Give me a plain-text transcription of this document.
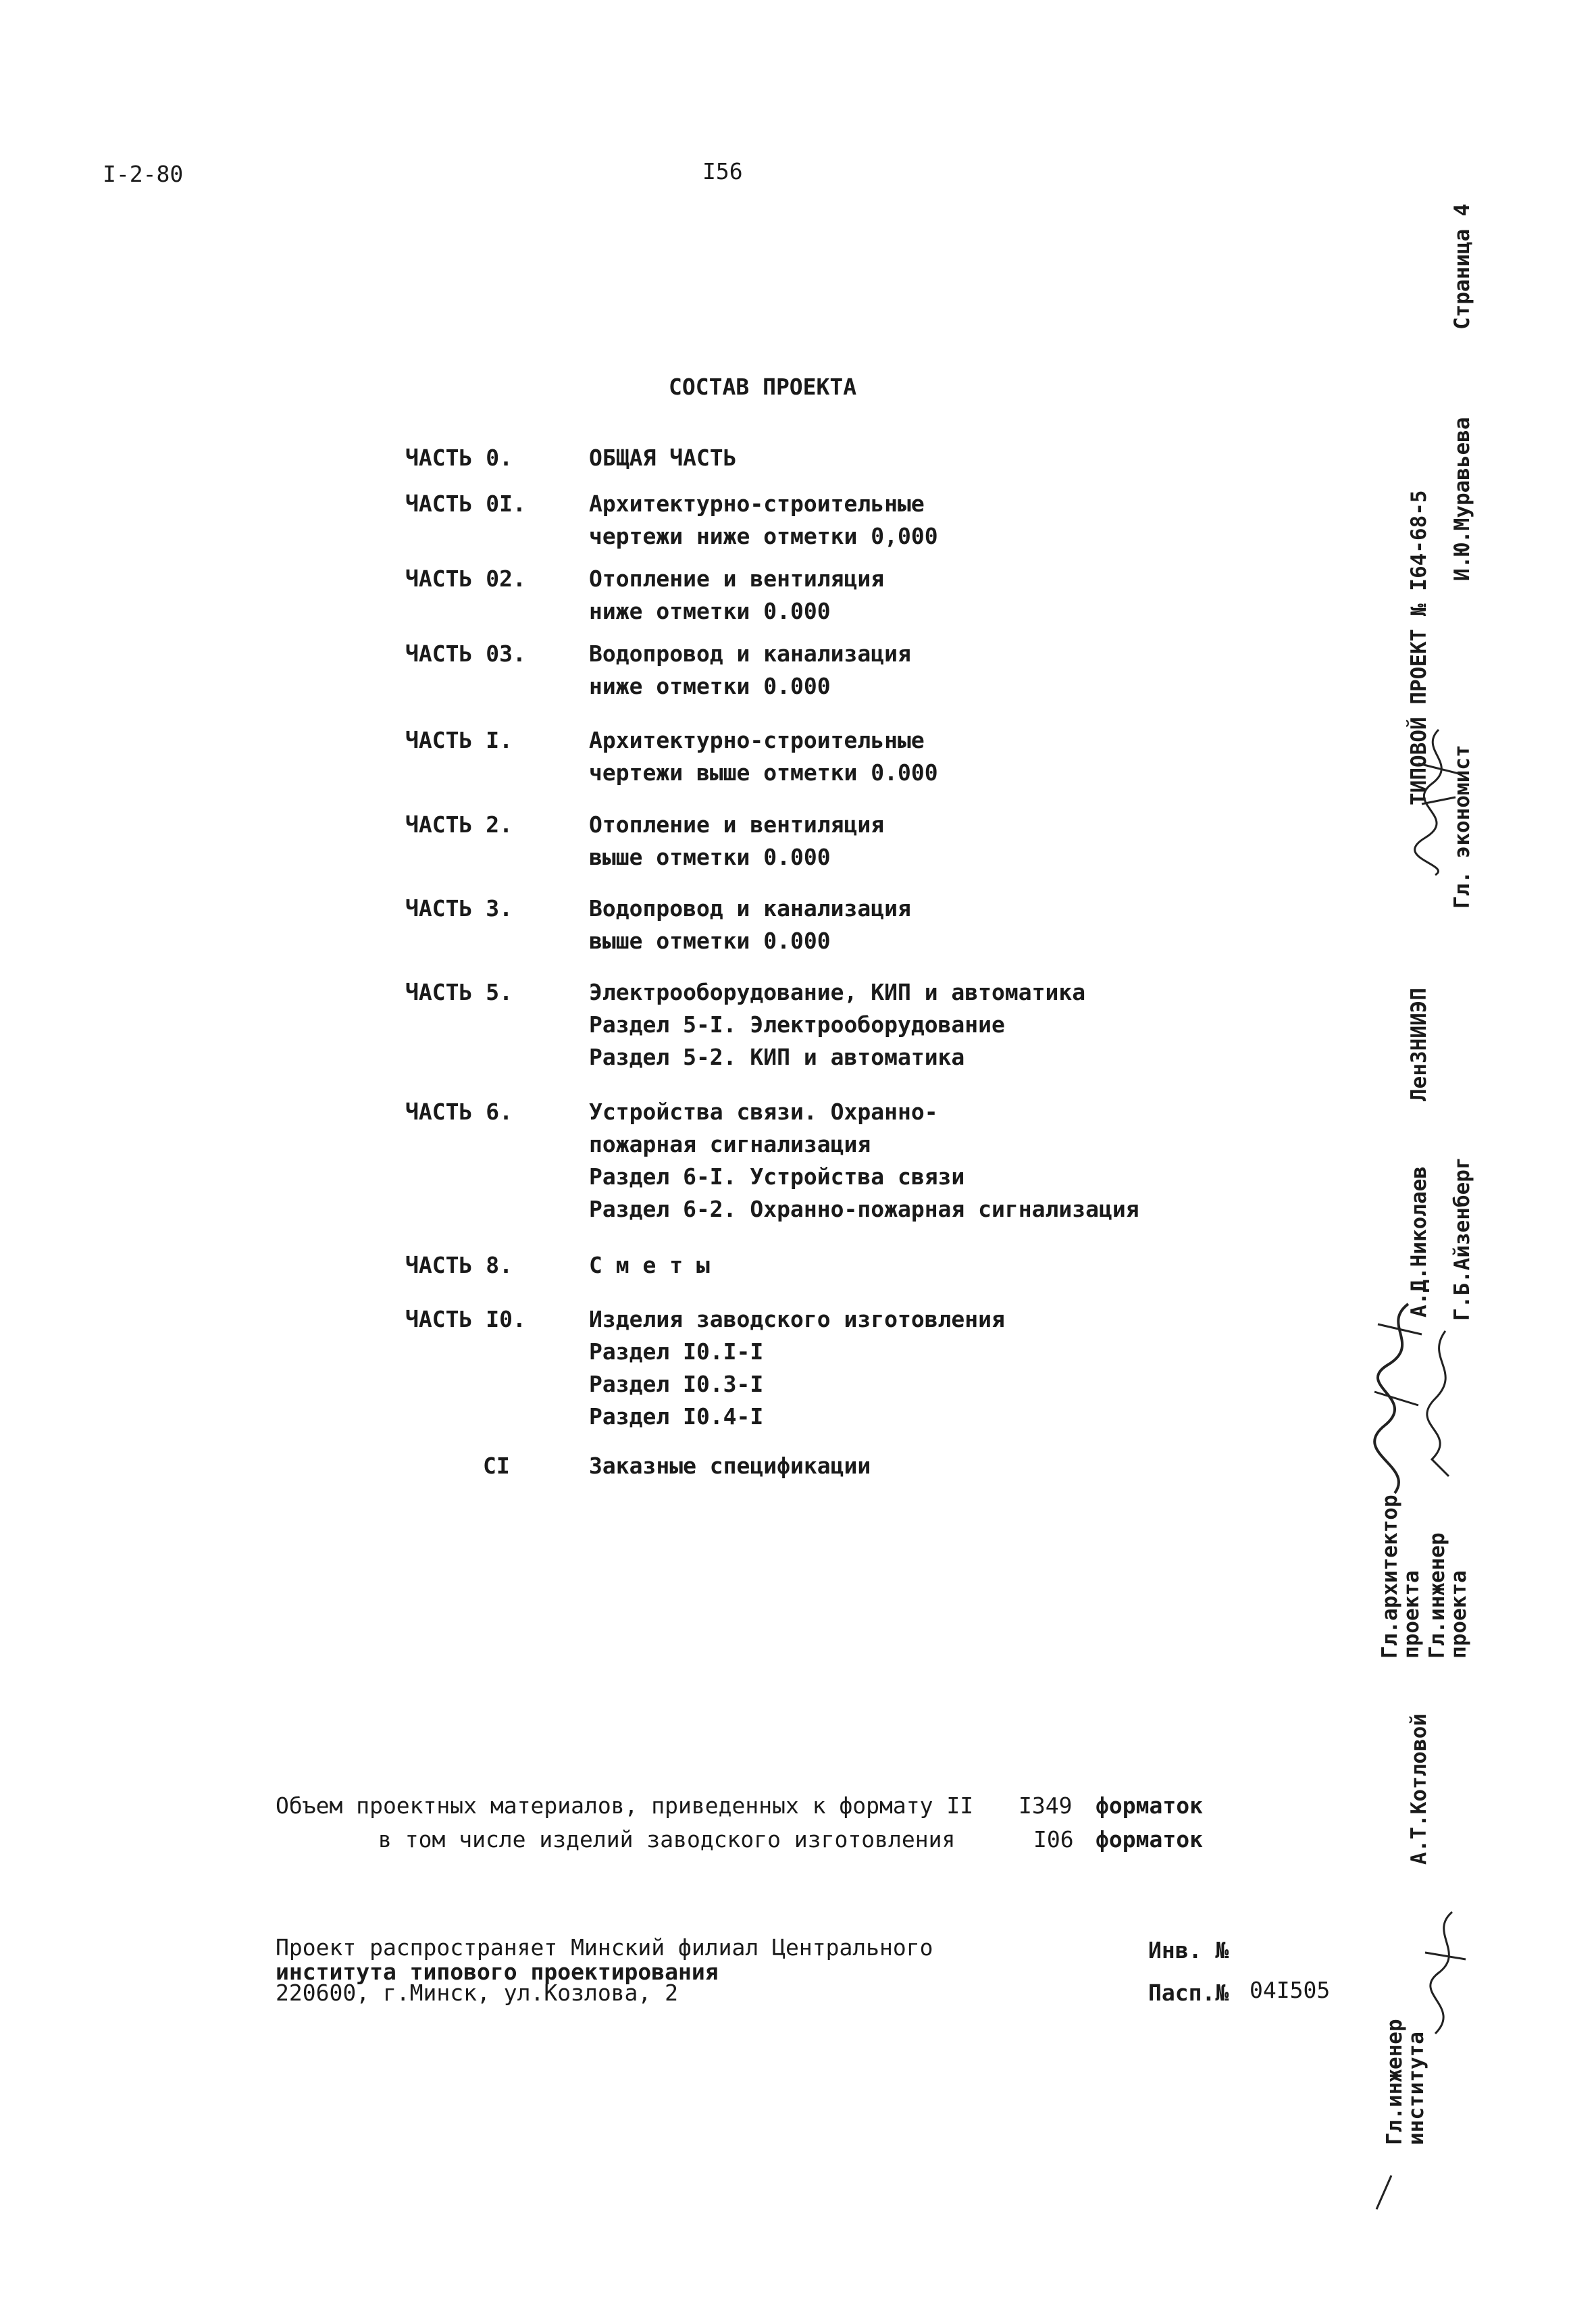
I-2-80	I56
СОСТАВ ПРОЕКТА
ЧАСТЬ 0.	ОБЩАЯ ЧАСТЬ
ЧАСТЬ 0I.	Архитектурно-строительные
чертежи ниже отметки 0,000
ЧАСТЬ 02.	Отопление и вентиляция
ниже отметки 0.000
ЧАСТЬ 03.	Водопровод и канализация
ниже отметки 0.000
ЧАСТЬ I.	Архитектурно-строительные
чертежи выше отметки 0.000
ЧАСТЬ 2.	Отопление и вентиляция
выше отметки 0.000
ЧАСТЬ 3.	Водопровод и канализация
выше отметки 0.000
ЧАСТЬ 5.	Электрооборудование, КИП и автоматика
Раздел 5-I. Электрооборудование
Раздел 5-2. КИП и автоматика
ЧАСТЬ 6.	Устройства связи. Охранно-
пожарная сигнализация
Раздел 6-I. Устройства связи
Раздел 6-2. Охранно-пожарная сигнализация
ЧАСТЬ 8.	С м е т ы
ЧАСТЬ I0.	Изделия заводского изготовления
Раздел I0.I-I
Раздел I0.3-I
Раздел I0.4-I
CI	Заказные спецификации
Объем проектных материалов, приведенных к формату II I349 форматок
в том числе изделий заводского изготовления	I06 форматок
Проект распространяет Минский филиал Центрального
института типового проектирования
220600, г.Минск, ул.Козлова, 2
Инв. №
Пасп.№ 04I505
Страница 4
ТИПОВОЙ ПРОЕКТ № I64-68-5
Гл. экономист
И.Ю.Муравьева
ЛенЗНИИЭП
Гл.архитектор
проекта
А.Д.Николаев
Гл.инженер
проекта
Г.Б.Айзенберг
А.Т.Котловой
Гл.инженер
института
